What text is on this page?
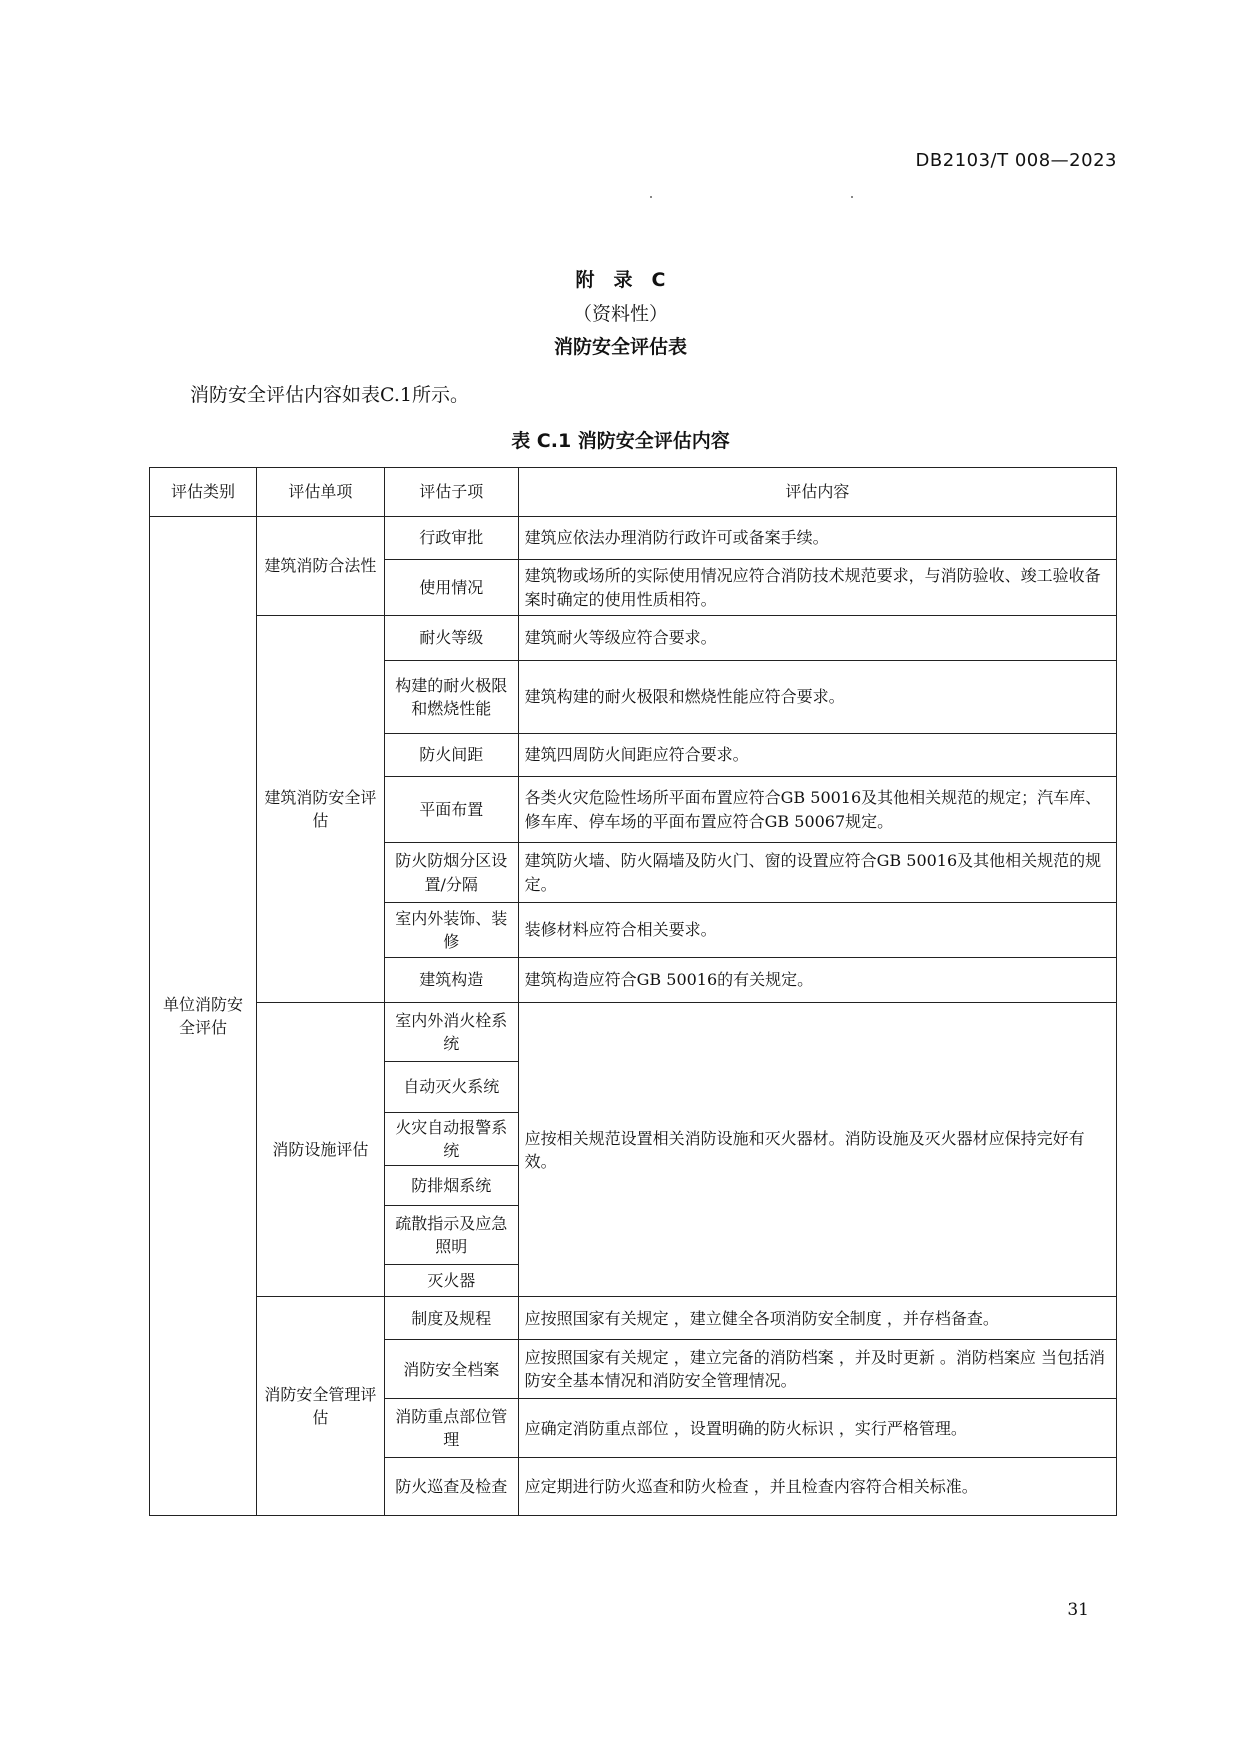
DB2103/T 008—2023
附　录　C
（资料性）
消防安全评估表
消防安全评估内容如表C.1所示。
表 C.1 消防安全评估内容
评估类别	评估单项	评估子项	评估内容
单位消防安全评估	建筑消防合法性	行政审批	建筑应依法办理消防行政许可或备案手续。
		使用情况	建筑物或场所的实际使用情况应符合消防技术规范要求，与消防验收、竣工验收备案时确定的使用性质相符。
	建筑消防安全评估	耐火等级	建筑耐火等级应符合要求。
		构建的耐火极限和燃烧性能	建筑构建的耐火极限和燃烧性能应符合要求。
		防火间距	建筑四周防火间距应符合要求。
		平面布置	各类火灾危险性场所平面布置应符合GB 50016及其他相关规范的规定；汽车库、修车库、停车场的平面布置应符合GB 50067规定。
		防火防烟分区设置/分隔	建筑防火墙、防火隔墙及防火门、窗的设置应符合GB 50016及其他相关规范的规定。
		室内外装饰、装修	装修材料应符合相关要求。
		建筑构造	建筑构造应符合GB 50016的有关规定。
	消防设施评估	室内外消火栓系统	应按相关规范设置相关消防设施和灭火器材。消防设施及灭火器材应保持完好有效。
		自动灭火系统	
		火灾自动报警系统	
		防排烟系统	
		疏散指示及应急照明	
		灭火器	
	消防安全管理评估	制度及规程	应按照国家有关规定 ，建立健全各项消防安全制度 ，并存档备查。
		消防安全档案	应按照国家有关规定 ，建立完备的消防档案 ，并及时更新 。消防档案应 当包括消防安全基本情况和消防安全管理情况。
		消防重点部位管理	应确定消防重点部位 ，设置明确的防火标识 ，实行严格管理。
		防火巡查及检查	应定期进行防火巡查和防火检查 ，并且检查内容符合相关标准。
31
